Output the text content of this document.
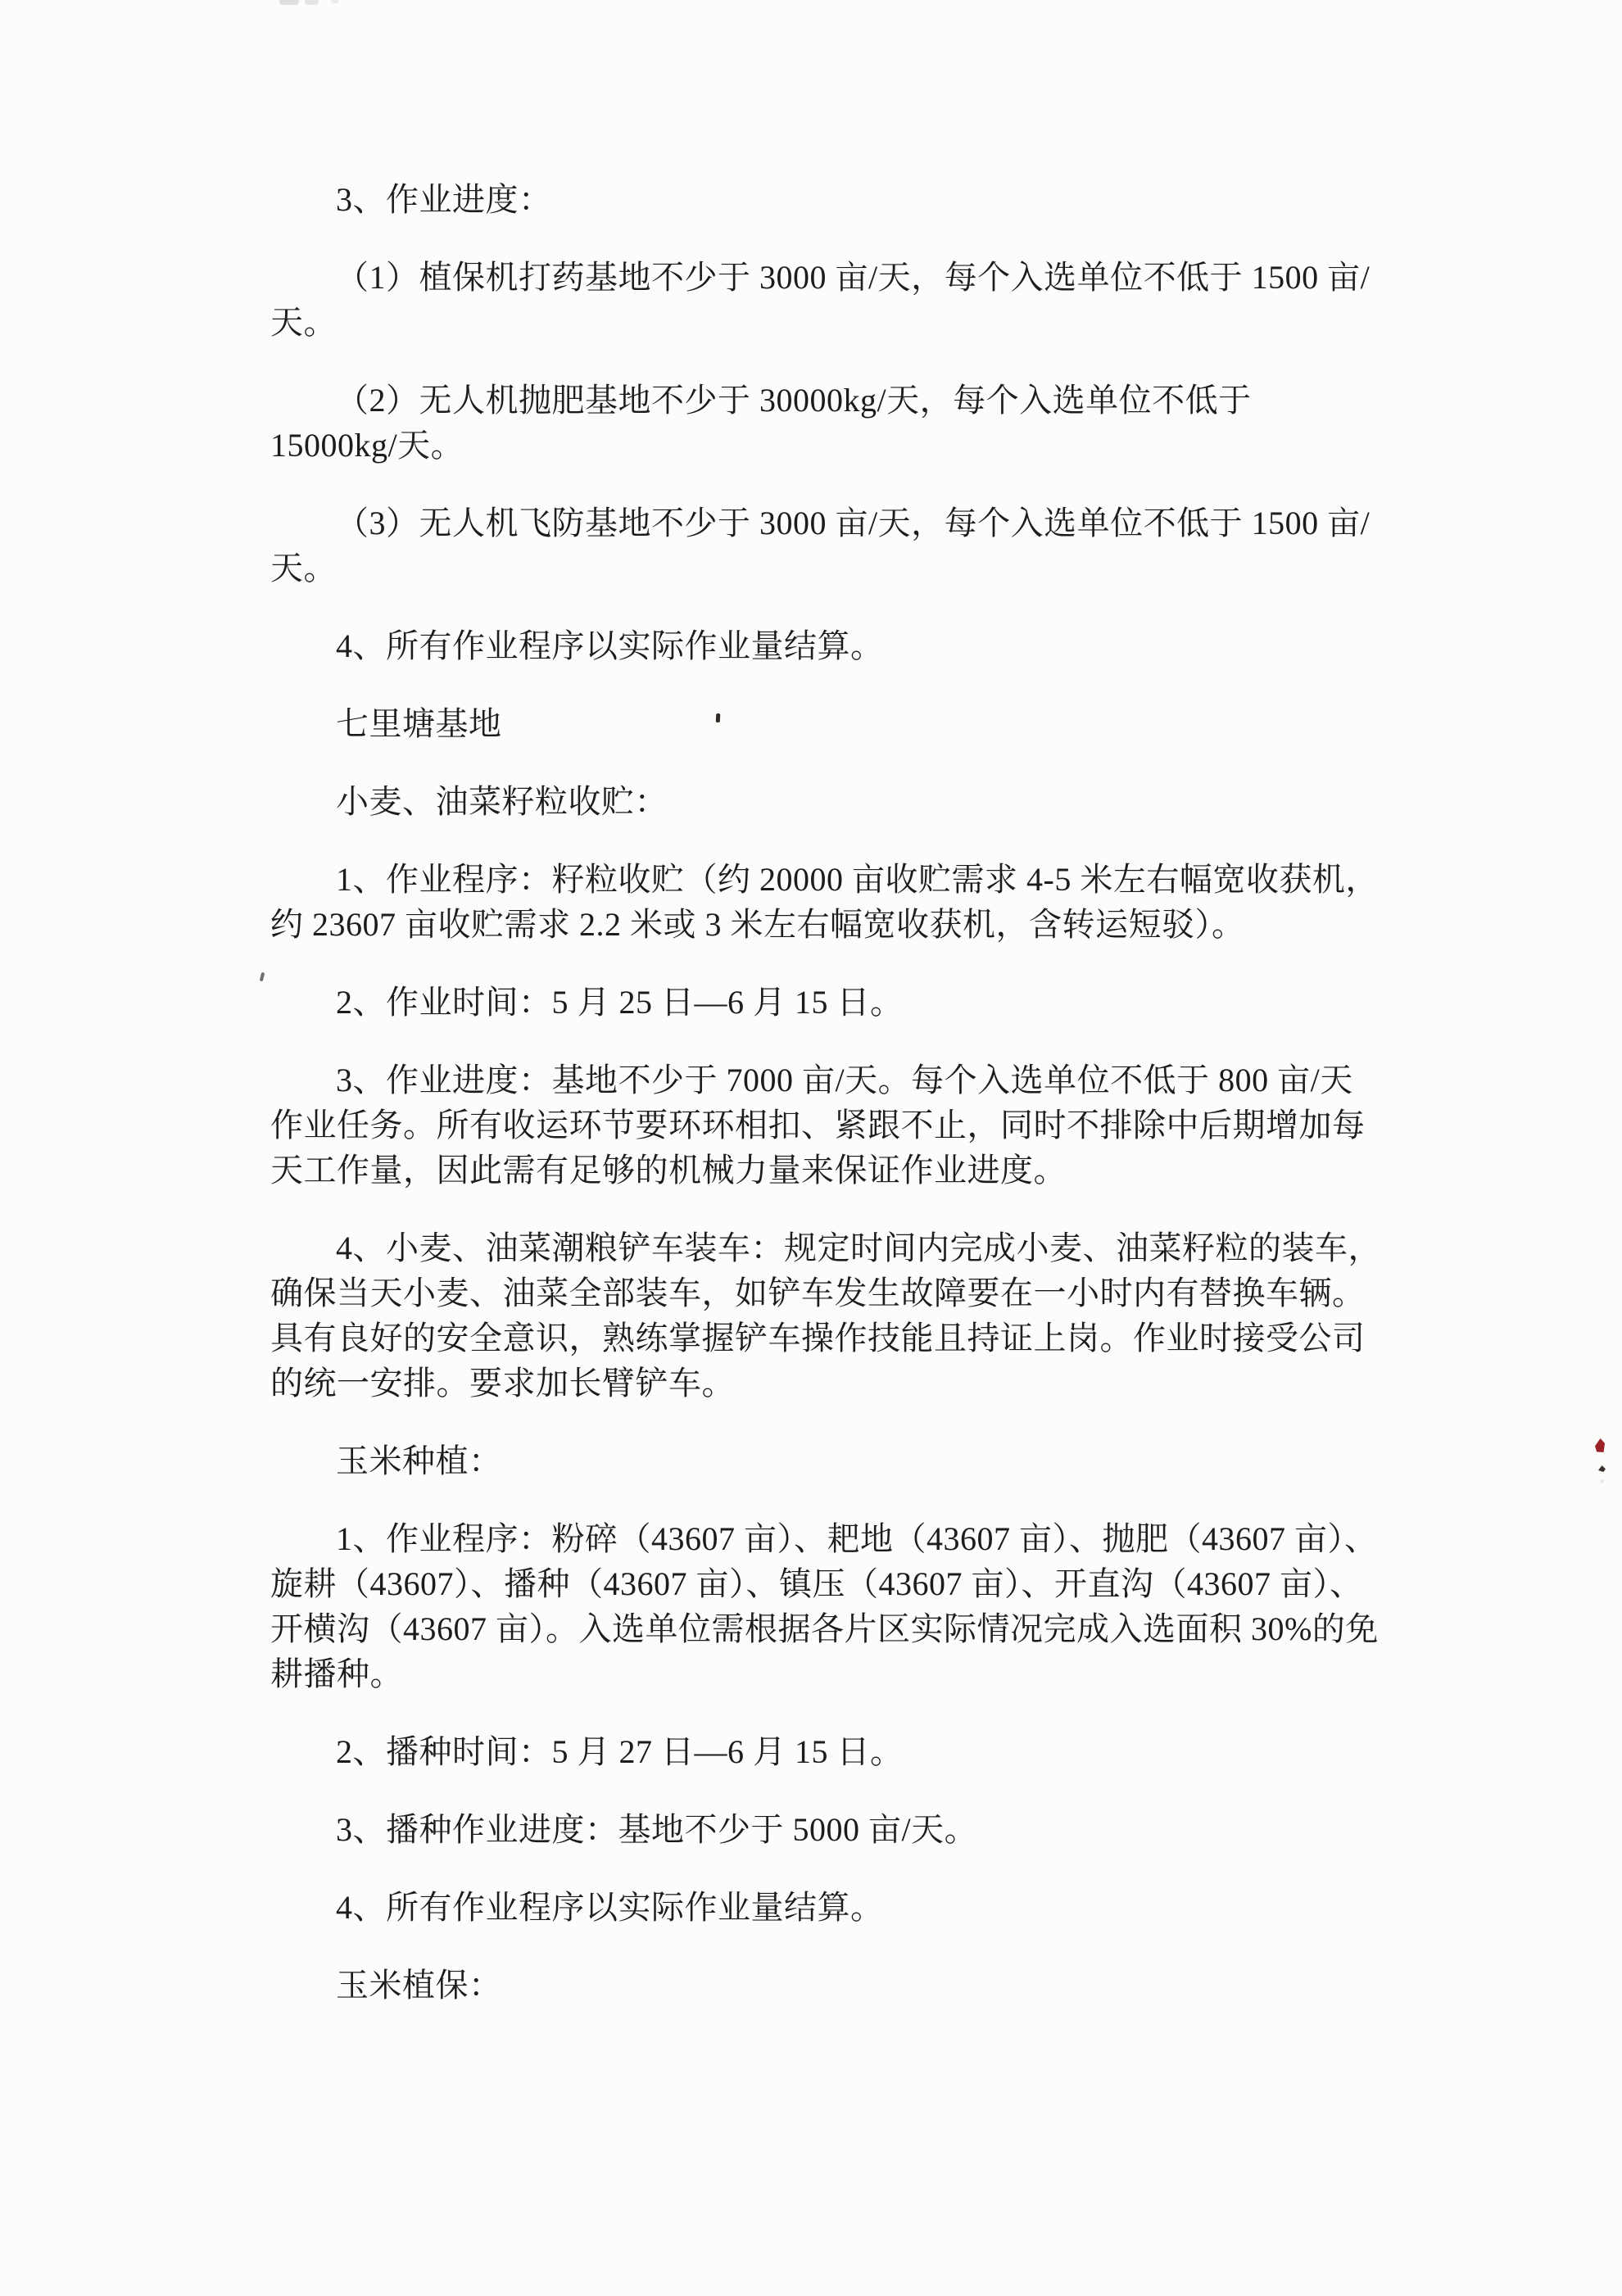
3、作业进度：
（1）植保机打药基地不少于 3000 亩/天，每个入选单位不低于 1500 亩/
天。
（2）无人机抛肥基地不少于 30000kg/天，每个入选单位不低于
15000kg/天。
（3）无人机飞防基地不少于 3000 亩/天，每个入选单位不低于 1500 亩/
天。
4、所有作业程序以实际作业量结算。
七里塘基地
小麦、油菜籽粒收贮：
1、作业程序：籽粒收贮（约 20000 亩收贮需求 4-5 米左右幅宽收获机，
约 23607 亩收贮需求 2.2 米或 3 米左右幅宽收获机，含转运短驳）。
2、作业时间：5 月 25 日—6 月 15 日。
3、作业进度：基地不少于 7000 亩/天。每个入选单位不低于 800 亩/天
作业任务。所有收运环节要环环相扣、紧跟不止，同时不排除中后期增加每
天工作量，因此需有足够的机械力量来保证作业进度。
4、小麦、油菜潮粮铲车装车：规定时间内完成小麦、油菜籽粒的装车，
确保当天小麦、油菜全部装车，如铲车发生故障要在一小时内有替换车辆。
具有良好的安全意识，熟练掌握铲车操作技能且持证上岗。作业时接受公司
的统一安排。要求加长臂铲车。
玉米种植：
1、作业程序：粉碎（43607 亩）、耙地（43607 亩）、抛肥（43607 亩）、
旋耕（43607）、播种（43607 亩）、镇压（43607 亩）、开直沟（43607 亩）、
开横沟（43607 亩）。入选单位需根据各片区实际情况完成入选面积 30%的免
耕播种。
2、播种时间：5 月 27 日—6 月 15 日。
3、播种作业进度：基地不少于 5000 亩/天。
4、所有作业程序以实际作业量结算。
玉米植保：
